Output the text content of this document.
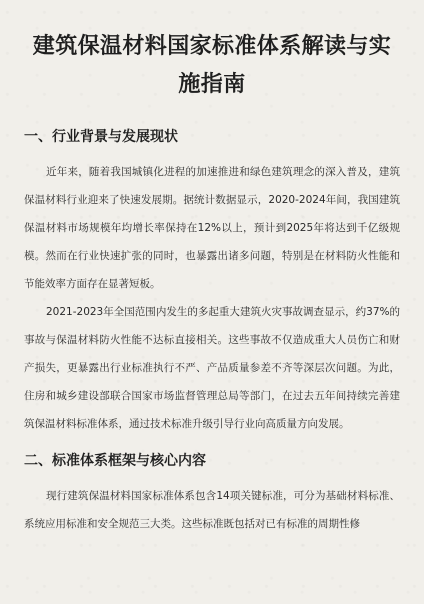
建筑保温材料国家标准体系解读与实施指南
一、行业背景与发展现状

近年来，随着我国城镇化进程的加速推进和绿色建筑理念的深入普及，建筑保温材料行业迎来了快速发展期。据统计数据显示，2020-2024年间，我国建筑保温材料市场规模年均增长率保持在12%以上，预计到2025年将达到千亿级规模。然而在行业快速扩张的同时，也暴露出诸多问题，特别是在材料防火性能和节能效率方面存在显著短板。

2021-2023年全国范围内发生的多起重大建筑火灾事故调查显示，约37%的事故与保温材料防火性能不达标直接相关。这些事故不仅造成重大人员伤亡和财产损失，更暴露出行业标准执行不严、产品质量参差不齐等深层次问题。为此，住房和城乡建设部联合国家市场监督管理总局等部门，在过去五年间持续完善建筑保温材料标准体系，通过技术标准升级引导行业向高质量方向发展。

二、标准体系框架与核心内容

现行建筑保温材料国家标准体系包含14项关键标准，可分为基础材料标准、系统应用标准和安全规范三大类。这些标准既包括对已有标准的周期性修
